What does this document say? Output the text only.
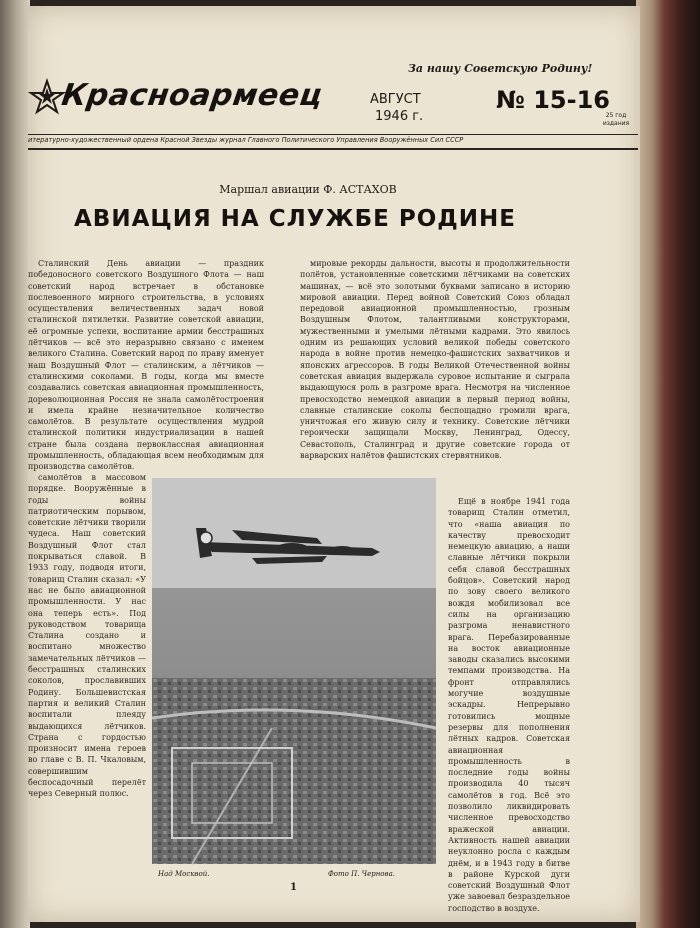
За нашу Советскую Родину!
Красноармеец	АВГУСТ
1946 г.
№ 15-16
25 год издания
итературно-художественный ордена Красной Звезды журнал Главного Политического Управления Вооружённых Сил СССР
Маршал авиации Ф. АСТАХОВ
АВИАЦИЯ НА СЛУЖБЕ РОДИНЕ

Сталинский День авиации — праздник победоносного советского Воздушного Флота — наш советский народ встречает в обстановке послевоенного мирного строительства, в условиях осуществления величественных задач новой сталинской пятилетки. Развитие советской авиации, её огромные успехи, воспитание армии бесстрашных лётчиков — всё это неразрывно связано с именем великого Сталина. Советский народ по праву именует наш Воздушный Флот — сталинским, а лётчиков — сталинскими соколами. В годы, когда мы вместе создавались советская авиационная промышленность, дореволюционная Россия не знала самолётостроения и имела крайне незначительное количество самолётов. В результате осуществления мудрой сталинской политики индустриализации в нашей стране была создана первоклассная авиационная промышленность, обладающая всем необходимым для производства самолётов.

мировые рекорды дальности, высоты и продолжительности полётов, установленные советскими лётчиками на советских машинах, — всё это золотыми буквами записано в историю мировой авиации. Перед войной Советский Союз обладал передовой авиационной промышленностью, грозным Воздушным Флотом, талантливыми конструкторами, мужественными и умелыми лётными кадрами. Это явилось одним из решающих условий великой победы советского народа в войне против немецко-фашистских захватчиков и японских агрессоров. В годы Великой Отечественной войны советская авиация выдержала суровое испытание и сыграла выдающуюся роль в разгроме врага. Несмотря на численное превосходство немецкой авиации в первый период войны, славные сталинские соколы беспощадно громили врага, уничтожая его живую силу и технику. Советские лётчики героически защищали Москву, Ленинград, Одессу, Севастополь, Сталинград и другие советские города от варварских налётов фашистских стервятников.

самолётов в массовом порядке. Вооружённые в годы войны патриотическим порывом, советские лётчики творили чудеса. Наш советский Воздушный Флот стал покрываться славой. В 1933 году, подводя итоги, товарищ Сталин сказал: «У нас не было авиационной промышленности. У нас она теперь есть». Под руководством товарища Сталина создано и воспитано множество замечательных лётчиков — бесстрашных сталинских соколов, прославивших Родину. Большевистская партия и великий Сталин воспитали плеяду выдающихся лётчиков. Страна с гордостью произносит имена героев во главе с В. П. Чкаловым, совершившим беспосадочный перелёт через Северный полюс.

Ещё в ноябре 1941 года товарищ Сталин отметил, что «наша авиация по качеству превосходит немецкую авиацию, а наши славные лётчики покрыли себя славой бесстрашных бойцов». Советский народ по зову своего великого вождя мобилизовал все силы на организацию разгрома ненавистного врага. Перебазированные на восток авиационные заводы сказались высокими темпами производства. На фронт отправлялись могучие воздушные эскадры. Непрерывно готовились мощные резервы для пополнения лётных кадров. Советская авиационная промышленность в последние годы войны производила 40 тысяч самолётов в год. Всё это позволило ликвидировать численное превосходство вражеской авиации. Активность нашей авиации неуклонно росла с каждым днём, и в 1943 году в битве в районе Курской дуги советский Воздушный Флот уже завоевал безраздельное господство в воздухе.

Над Москвой.	Фото П. Чернова.
1
